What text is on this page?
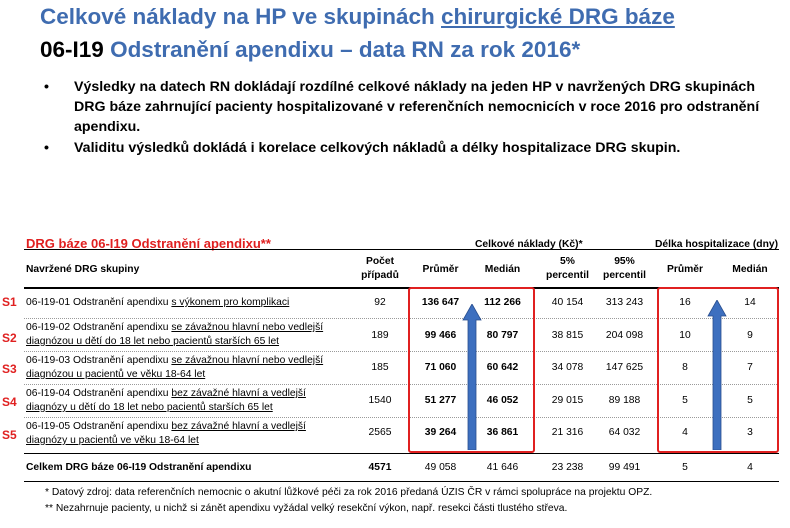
Celkové náklady na HP ve skupinách chirurgické DRG báze
06-I19 Odstranění apendixu – data RN za rok 2016*
• Výsledky na datech RN dokládají rozdílné celkové náklady na jeden HP v navržených DRG skupinách DRG báze zahrnující pacienty hospitalizované v referenčních nemocnicích v roce 2016 pro odstranění apendixu.
• Validitu výsledků dokládá i korelace celkových nákladů a délky hospitalizace DRG skupin.
DRG báze 06-I19 Odstranění apendixu**	Celkové náklady (Kč)*	Délka hospitalizace (dny)
Navržené DRG skupiny
Počet
případů
Průměr	Medián
5%
percentil
95%
percentil
Průměr	Medián
S1 06-I19-01 Odstranění apendixu s výkonem pro komplikaci	92	136 647	112 266	40 154	313 243	16	14
S2
06-I19-02 Odstranění apendixu se závažnou hlavní nebo vedlejší
diagnózou u dětí do 18 let nebo pacientů starších 65 let
189	99 466	80 797	38 815	204 098	10	9
S3
06-I19-03 Odstranění apendixu se závažnou hlavní nebo vedlejší
diagnózou u pacientů ve věku 18-64 let
185	71 060	60 642	34 078	147 625	8	7
S4
06-I19-04 Odstranění apendixu bez závažné hlavní a vedlejší
diagnózy u dětí do 18 let nebo pacientů starších 65 let
1540	51 277	46 052	29 015	89 188	5	5
S5
06-I19-05 Odstranění apendixu bez závažné hlavní a vedlejší
diagnózy u pacientů ve věku 18-64 let
2565	39 264	36 861	21 316	64 032	4	3
Celkem DRG báze 06-I19 Odstranění apendixu	4571	49 058	41 646	23 238	99 491	5	4
* Datový zdroj: data referenčních nemocnic o akutní lůžkové péči za rok 2016 předaná ÚZIS ČR v rámci spolupráce na projektu OPZ.
** Nezahrnuje pacienty, u nichž si zánět apendixu vyžádal velký resekční výkon, např. resekci části tlustého střeva.
